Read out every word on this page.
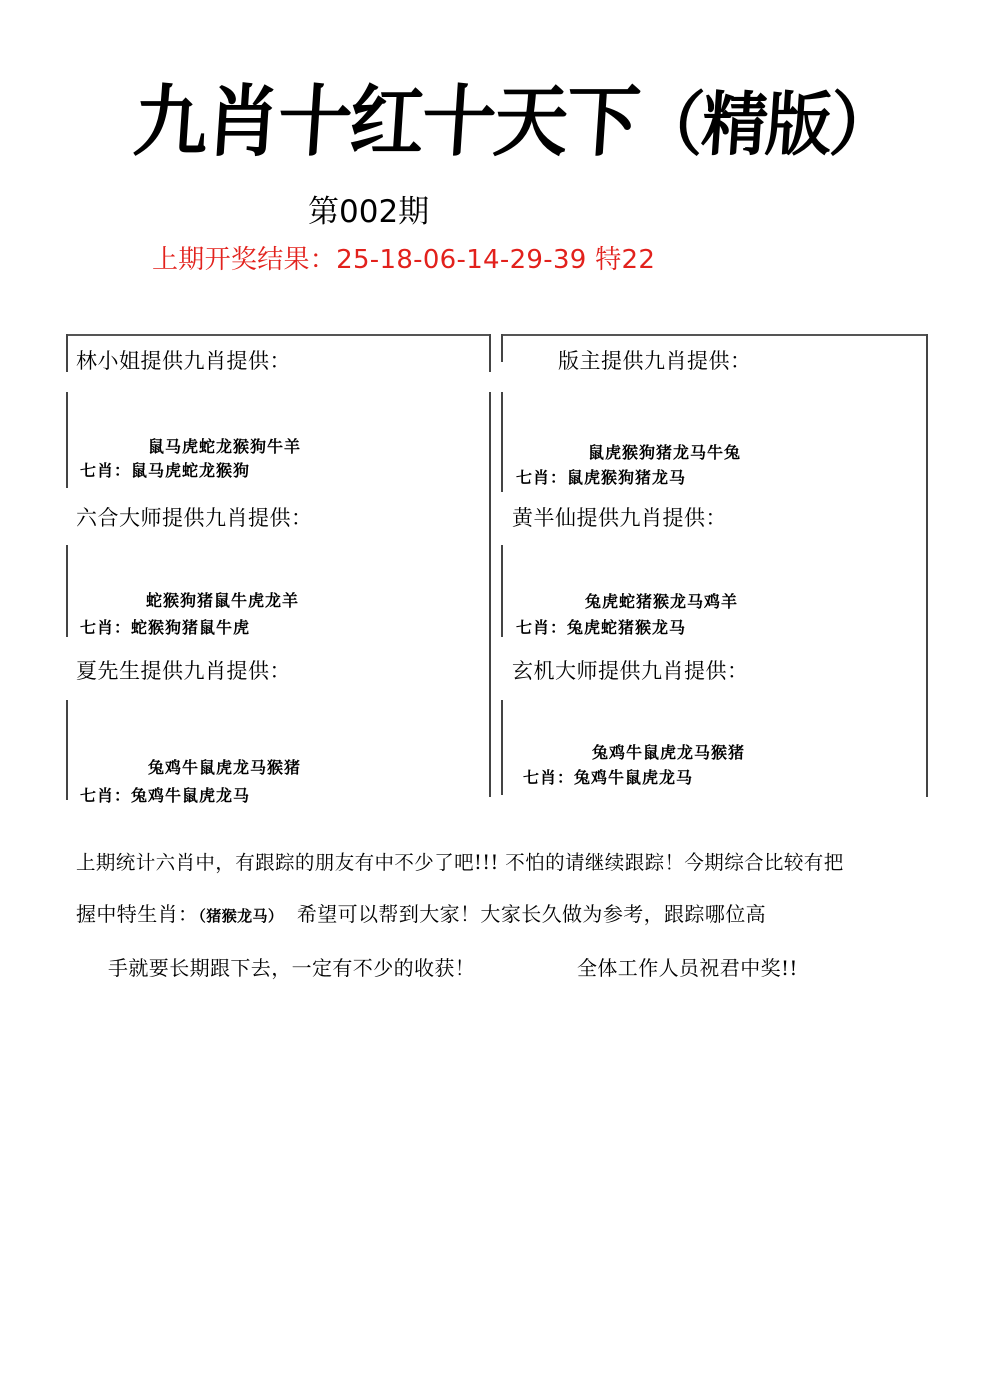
九肖十红十天下（精版）
第002期
上期开奖结果：25-18-06-14-29-39 特22
林小姐提供九肖提供：
鼠马虎蛇龙猴狗牛羊
七肖：鼠马虎蛇龙猴狗
版主提供九肖提供：
鼠虎猴狗猪龙马牛兔
七肖：鼠虎猴狗猪龙马
六合大师提供九肖提供：
蛇猴狗猪鼠牛虎龙羊
七肖：蛇猴狗猪鼠牛虎
黄半仙提供九肖提供：
兔虎蛇猪猴龙马鸡羊
七肖：兔虎蛇猪猴龙马
夏先生提供九肖提供：
兔鸡牛鼠虎龙马猴猪
七肖：兔鸡牛鼠虎龙马
玄机大师提供九肖提供：
兔鸡牛鼠虎龙马猴猪
七肖：兔鸡牛鼠虎龙马
上期统计六肖中，有跟踪的朋友有中不少了吧!!! 不怕的请继续跟踪！今期综合比较有把
握中特生肖：（猪猴龙马） 希望可以帮到大家！大家长久做为参考，跟踪哪位高
手就要长期跟下去，一定有不少的收获！	全体工作人员祝君中奖!!
